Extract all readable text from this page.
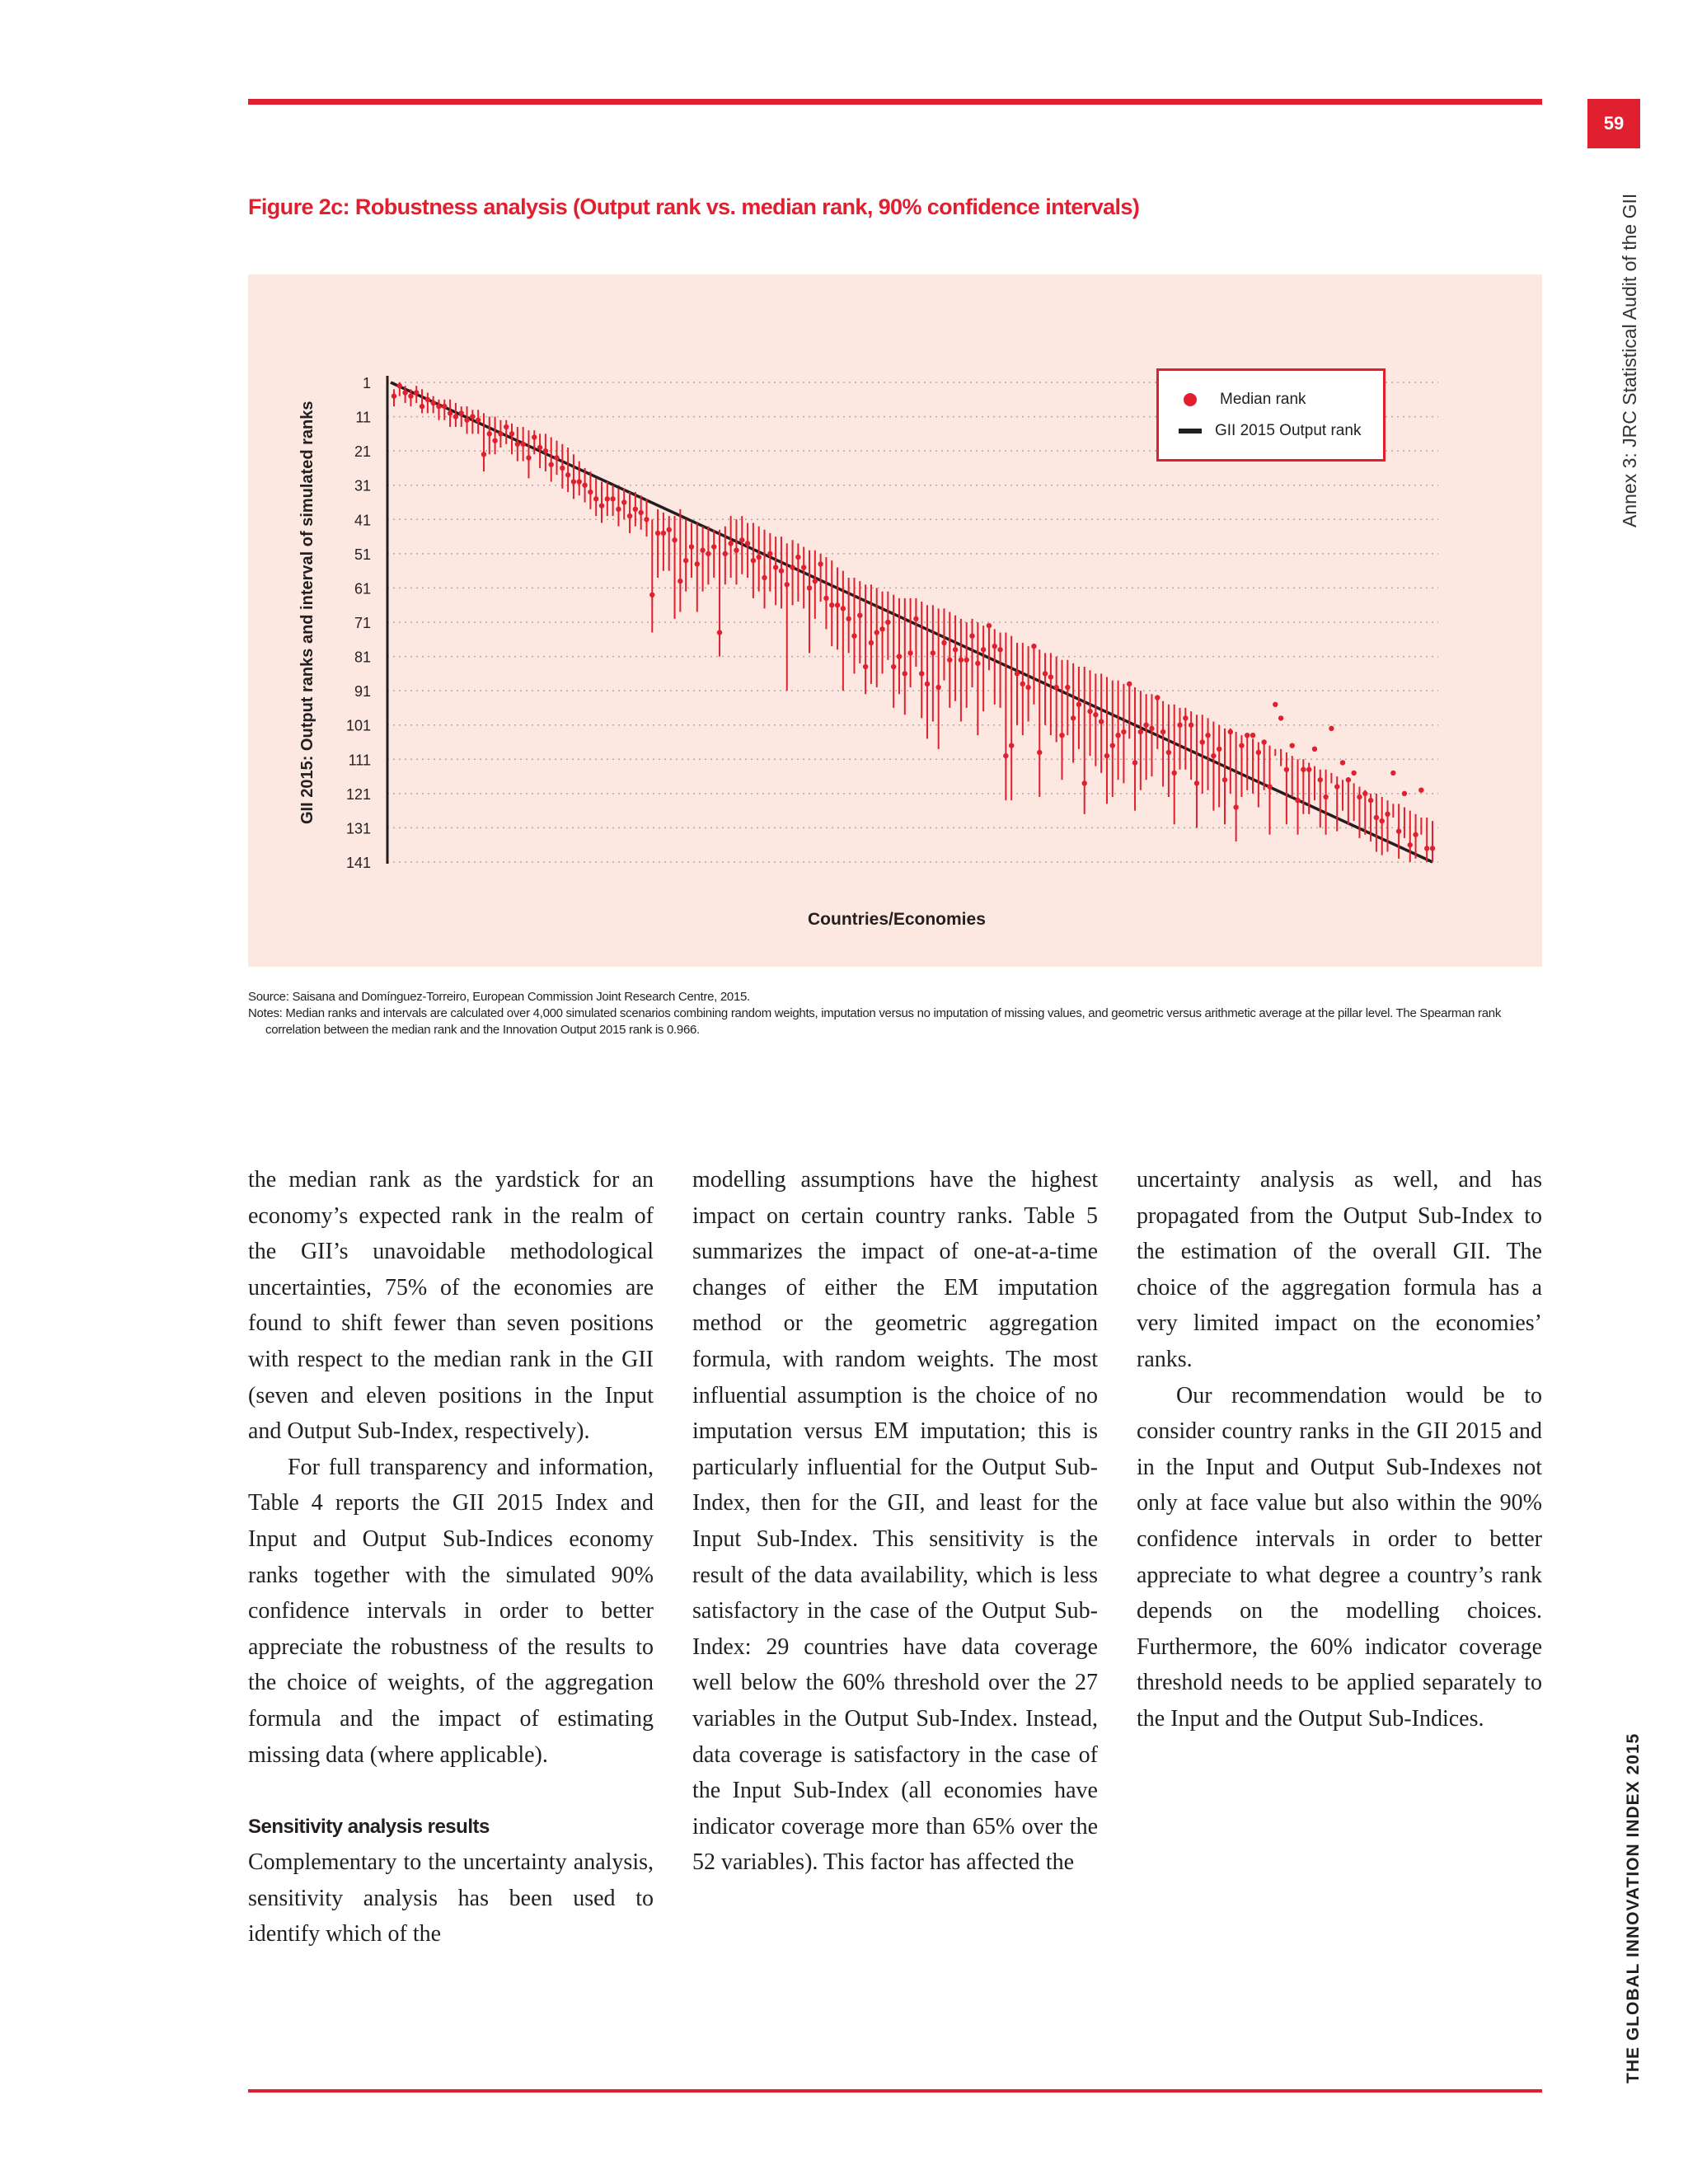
59
Annex 3: JRC Statistical Audit of the GII
THE GLOBAL INNOVATION INDEX 2015
Figure 2c: Robustness analysis (Output rank vs. median rank, 90% confidence intervals)
1
11
21
31
41
51
61
71
81
91
101
111
121
131
141
GII 2015: Output ranks and interval of simulated ranks
Countries/Economies
Median rank
GII 2015 Output rank

Source: Saisana and Domínguez-Torreiro, European Commission Joint Research Centre, 2015.

Notes: Median ranks and intervals are calculated over 4,000 simulated scenarios combining random weights, imputation versus no imputation of missing values, and geometric versus arithmetic average at the pillar level. The Spearman rank correlation between the median rank and the Innovation Output 2015 rank is 0.966.

the median rank as the yardstick for an economy’s expected rank in the realm of the GII’s unavoidable methodological uncertainties, 75% of the economies are found to shift fewer than seven positions with respect to the median rank in the GII (seven and eleven positions in the Input and Output Sub-Index, respectively).

For full transparency and information, Table 4 reports the GII 2015 Index and Input and Output Sub-Indices economy ranks together with the simulated 90% confidence intervals in order to better appreciate the robustness of the results to the choice of weights, of the aggregation formula and the impact of estimating missing data (where applicable).

Sensitivity analysis results

Complementary to the uncertainty analysis, sensitivity analysis has been used to identify which of the

modelling assumptions have the highest impact on certain country ranks. Table 5 summarizes the impact of one-at-a-time changes of either the EM imputation method or the geometric aggregation formula, with random weights. The most influential assumption is the choice of no imputation versus EM imputation; this is particularly influential for the Output Sub-Index, then for the GII, and least for the Input Sub-Index. This sensitivity is the result of the data availability, which is less satisfactory in the case of the Output Sub-Index: 29 countries have data coverage well below the 60% threshold over the 27 variables in the Output Sub-Index. Instead, data coverage is satisfactory in the case of the Input Sub-Index (all economies have indicator coverage more than 65% over the 52 variables). This factor has affected the

uncertainty analysis as well, and has propagated from the Output Sub-Index to the estimation of the overall GII. The choice of the aggregation formula has a very limited impact on the economies’ ranks.

Our recommendation would be to consider country ranks in the GII 2015 and in the Input and Output Sub-Indexes not only at face value but also within the 90% confidence intervals in order to better appreciate to what degree a country’s rank depends on the modelling choices. Furthermore, the 60% indicator coverage threshold needs to be applied separately to the Input and the Output Sub-Indices.
